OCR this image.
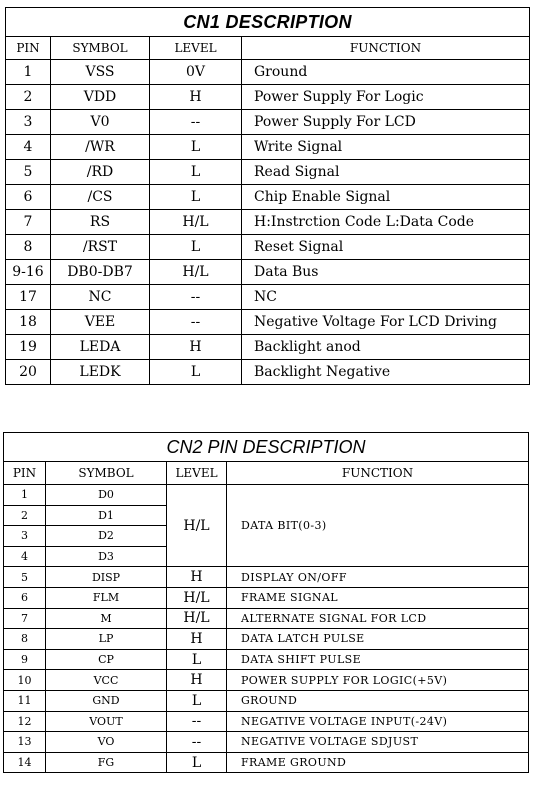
CN1 DESCRIPTION			
PIN	SYMBOL	LEVEL	FUNCTION
1	VSS	0V	Ground
2	VDD	H	Power Supply For Logic
3	V0	--	Power Supply For LCD
4	/WR	L	Write Signal
5	/RD	L	Read Signal
6	/CS	L	Chip Enable Signal
7	RS	H/L	H:Instrction Code L:Data Code
8	/RST	L	Reset Signal
9-16	DB0-DB7	H/L	Data Bus
17	NC	--	NC
18	VEE	--	Negative Voltage For LCD Driving
19	LEDA	H	Backlight anod
20	LEDK	L	Backlight Negative
CN2 PIN DESCRIPTION			
PIN	SYMBOL	LEVEL	FUNCTION
1	D0	H/L	DATA BIT(0-3)
2	D1		
3	D2		
4	D3		
5	DISP	H	DISPLAY ON/OFF
6	FLM	H/L	FRAME SIGNAL
7	M	H/L	ALTERNATE SIGNAL FOR LCD
8	LP	H	DATA LATCH PULSE
9	CP	L	DATA SHIFT PULSE
10	VCC	H	POWER SUPPLY FOR LOGIC(+5V)
11	GND	L	GROUND
12	VOUT	--	NEGATIVE VOLTAGE INPUT(-24V)
13	VO	--	NEGATIVE VOLTAGE SDJUST
14	FG	L	FRAME GROUND
